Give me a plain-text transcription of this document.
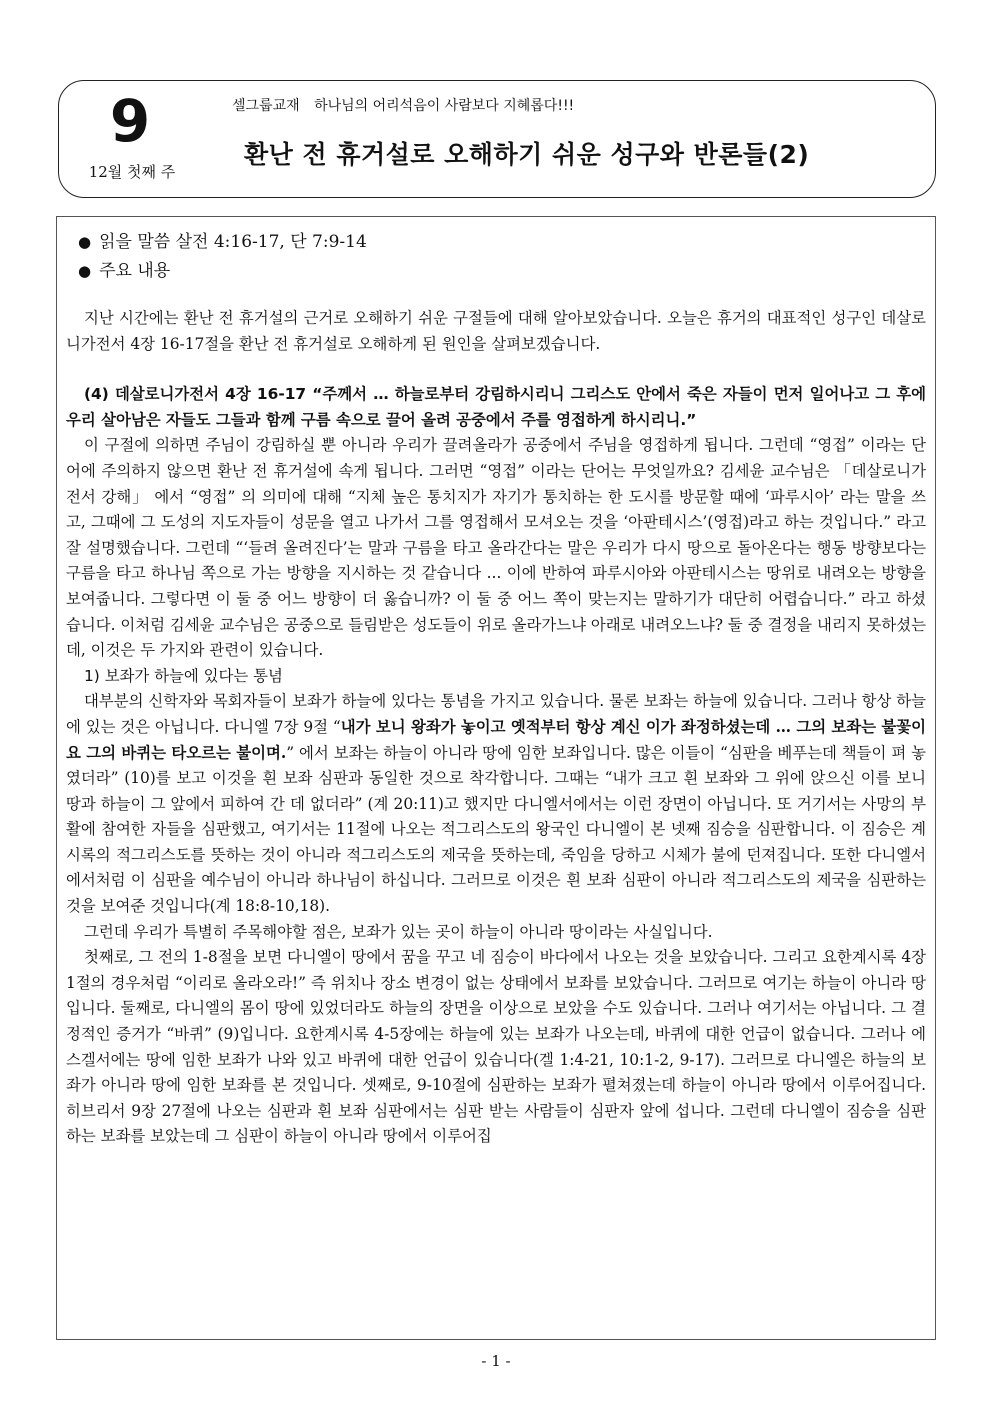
9
12월 첫째 주
셀그룹교재 하나님의 어리석음이 사람보다 지혜롭다!!!
환난 전 휴거설로 오해하기 쉬운 성구와 반론들(2)
● 읽을 말씀 살전 4:16-17, 단 7:9-14
● 주요 내용

지난 시간에는 환난 전 휴거설의 근거로 오해하기 쉬운 구절들에 대해 알아보았습니다. 오늘은 휴거의 대표적인 성구인 데살로니가전서 4장 16-17절을 환난 전 휴거설로 오해하게 된 원인을 살펴보겠습니다.

(4) 데살로니가전서 4장 16-17 “주께서 … 하늘로부터 강림하시리니 그리스도 안에서 죽은 자들이 먼저 일어나고 그 후에 우리 살아남은 자들도 그들과 함께 구름 속으로 끌어 올려 공중에서 주를 영접하게 하시리니.”

이 구절에 의하면 주님이 강림하실 뿐 아니라 우리가 끌려올라가 공중에서 주님을 영접하게 됩니다. 그런데 “영접” 이라는 단어에 주의하지 않으면 환난 전 휴거설에 속게 됩니다. 그러면 “영접” 이라는 단어는 무엇일까요? 김세윤 교수님은 「데살로니가전서 강해」 에서 “영접” 의 의미에 대해 “지체 높은 통치지가 자기가 통치하는 한 도시를 방문할 때에 ‘파루시아’ 라는 말을 쓰고, 그때에 그 도성의 지도자들이 성문을 열고 나가서 그를 영접해서 모셔오는 것을 ‘아판테시스’(영접)라고 하는 것입니다.” 라고 잘 설명했습니다. 그런데 “‘들려 올려진다’는 말과 구름을 타고 올라간다는 말은 우리가 다시 땅으로 돌아온다는 행동 방향보다는 구름을 타고 하나님 쪽으로 가는 방향을 지시하는 것 같습니다 ... 이에 반하여 파루시아와 아판테시스는 땅위로 내려오는 방향을 보여줍니다. 그렇다면 이 둘 중 어느 방향이 더 옳습니까? 이 둘 중 어느 쪽이 맞는지는 말하기가 대단히 어렵습니다.” 라고 하셨습니다. 이처럼 김세윤 교수님은 공중으로 들림받은 성도들이 위로 올라가느냐 아래로 내려오느냐? 둘 중 결정을 내리지 못하셨는데, 이것은 두 가지와 관련이 있습니다.

1) 보좌가 하늘에 있다는 통념

대부분의 신학자와 목회자들이 보좌가 하늘에 있다는 통념을 가지고 있습니다. 물론 보좌는 하늘에 있습니다. 그러나 항상 하늘에 있는 것은 아닙니다. 다니엘 7장 9절 “내가 보니 왕좌가 놓이고 옛적부터 항상 계신 이가 좌정하셨는데 … 그의 보좌는 불꽃이요 그의 바퀴는 타오르는 불이며.” 에서 보좌는 하늘이 아니라 땅에 임한 보좌입니다. 많은 이들이 “심판을 베푸는데 책들이 펴 놓였더라” (10)를 보고 이것을 흰 보좌 심판과 동일한 것으로 착각합니다. 그때는 “내가 크고 흰 보좌와 그 위에 앉으신 이를 보니 땅과 하늘이 그 앞에서 피하여 간 데 없더라” (계 20:11)고 했지만 다니엘서에서는 이런 장면이 아닙니다. 또 거기서는 사망의 부활에 참여한 자들을 심판했고, 여기서는 11절에 나오는 적그리스도의 왕국인 다니엘이 본 넷째 짐승을 심판합니다. 이 짐승은 계시록의 적그리스도를 뜻하는 것이 아니라 적그리스도의 제국을 뜻하는데, 죽임을 당하고 시체가 불에 던져집니다. 또한 다니엘서에서처럼 이 심판을 예수님이 아니라 하나님이 하십니다. 그러므로 이것은 흰 보좌 심판이 아니라 적그리스도의 제국을 심판하는 것을 보여준 것입니다(계 18:8-10,18).

그런데 우리가 특별히 주목해야할 점은, 보좌가 있는 곳이 하늘이 아니라 땅이라는 사실입니다.

첫째로, 그 전의 1-8절을 보면 다니엘이 땅에서 꿈을 꾸고 네 짐승이 바다에서 나오는 것을 보았습니다. 그리고 요한계시록 4장 1절의 경우처럼 “이리로 올라오라!” 즉 위치나 장소 변경이 없는 상태에서 보좌를 보았습니다. 그러므로 여기는 하늘이 아니라 땅입니다. 둘째로, 다니엘의 몸이 땅에 있었더라도 하늘의 장면을 이상으로 보았을 수도 있습니다. 그러나 여기서는 아닙니다. 그 결정적인 증거가 “바퀴” (9)입니다. 요한계시록 4-5장에는 하늘에 있는 보좌가 나오는데, 바퀴에 대한 언급이 없습니다. 그러나 에스겔서에는 땅에 임한 보좌가 나와 있고 바퀴에 대한 언급이 있습니다(겔 1:4-21, 10:1-2, 9-17). 그러므로 다니엘은 하늘의 보좌가 아니라 땅에 임한 보좌를 본 것입니다. 셋째로, 9-10절에 심판하는 보좌가 펼쳐졌는데 하늘이 아니라 땅에서 이루어집니다. 히브리서 9장 27절에 나오는 심판과 흰 보좌 심판에서는 심판 받는 사람들이 심판자 앞에 섭니다. 그런데 다니엘이 짐승을 심판하는 보좌를 보았는데 그 심판이 하늘이 아니라 땅에서 이루어집

- 1 -
